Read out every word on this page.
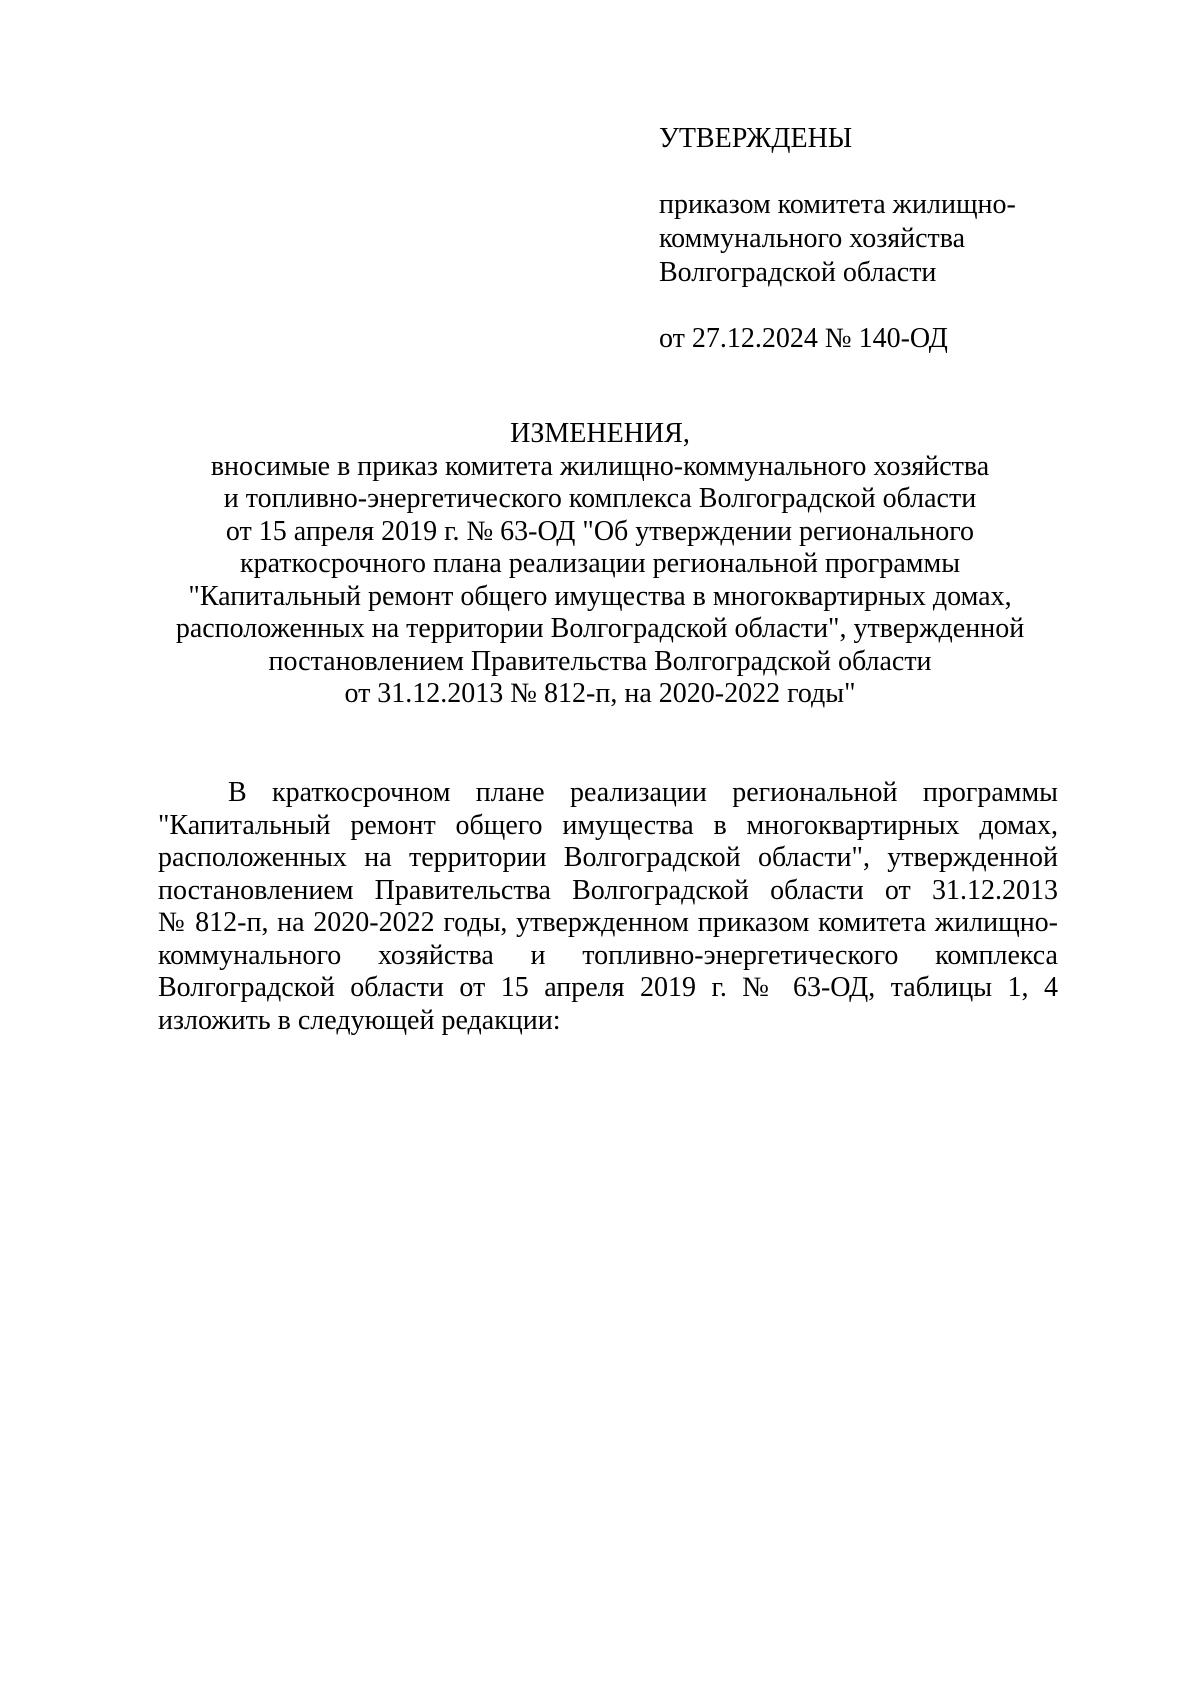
УТВЕРЖДЕНЫ
приказом комитета жилищно-
коммунального хозяйства
Волгоградской области
от 27.12.2024 № 140-ОД
ИЗМЕНЕНИЯ,
вносимые в приказ комитета жилищно-коммунального хозяйства
и топливно-энергетического комплекса Волгоградской области
от 15 апреля 2019 г. № 63-ОД "Об утверждении регионального
краткосрочного плана реализации региональной программы
"Капитальный ремонт общего имущества в многоквартирных домах,
расположенных на территории Волгоградской области", утвержденной
постановлением Правительства Волгоградской области
от 31.12.2013 № 812-п, на 2020-2022 годы"
В краткосрочном плане реализации региональной программы
"Капитальный ремонт общего имущества в многоквартирных домах,
расположенных на территории Волгоградской области", утвержденной
постановлением Правительства Волгоградской области от 31.12.2013
№ 812-п, на 2020-2022 годы, утвержденном приказом комитета жилищно-
коммунального хозяйства и топливно-энергетического комплекса
Волгоградской области от 15 апреля 2019 г. № 63-ОД, таблицы 1, 4
изложить в следующей редакции:
